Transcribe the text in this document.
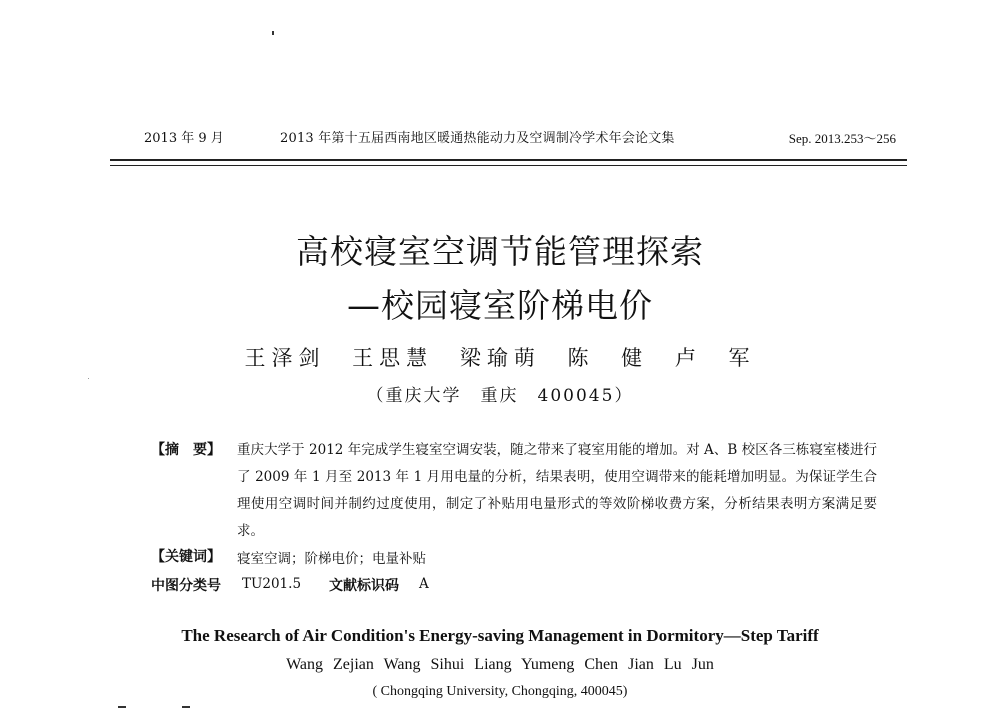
2013 年 9 月	2013 年第十五届西南地区暖通热能动力及空调制冷学术年会论文集	Sep. 2013.253～256
高校寝室空调节能管理探索
—校园寝室阶梯电价
王泽剑 王思慧 梁瑜萌 陈 健 卢 军
（重庆大学　重庆　400045）
【摘　要】 重庆大学于 2012 年完成学生寝室空调安装，随之带来了寝室用能的增加。对 A、B 校区各三栋寝室楼进行了 2009 年 1 月至 2013 年 1 月用电量的分析，结果表明，使用空调带来的能耗增加明显。为保证学生合理使用空调时间并制约过度使用，制定了补贴用电量形式的等效阶梯收费方案，分析结果表明方案满足要求。
【关键词】 寝室空调；阶梯电价；电量补贴
中图分类号 TU201.5 文献标识码 A
The Research of Air Condition's Energy-saving Management in Dormitory—Step Tariff
Wang Zejian Wang Sihui Liang Yumeng Chen Jian Lu Jun
( Chongqing University, Chongqing, 400045)
